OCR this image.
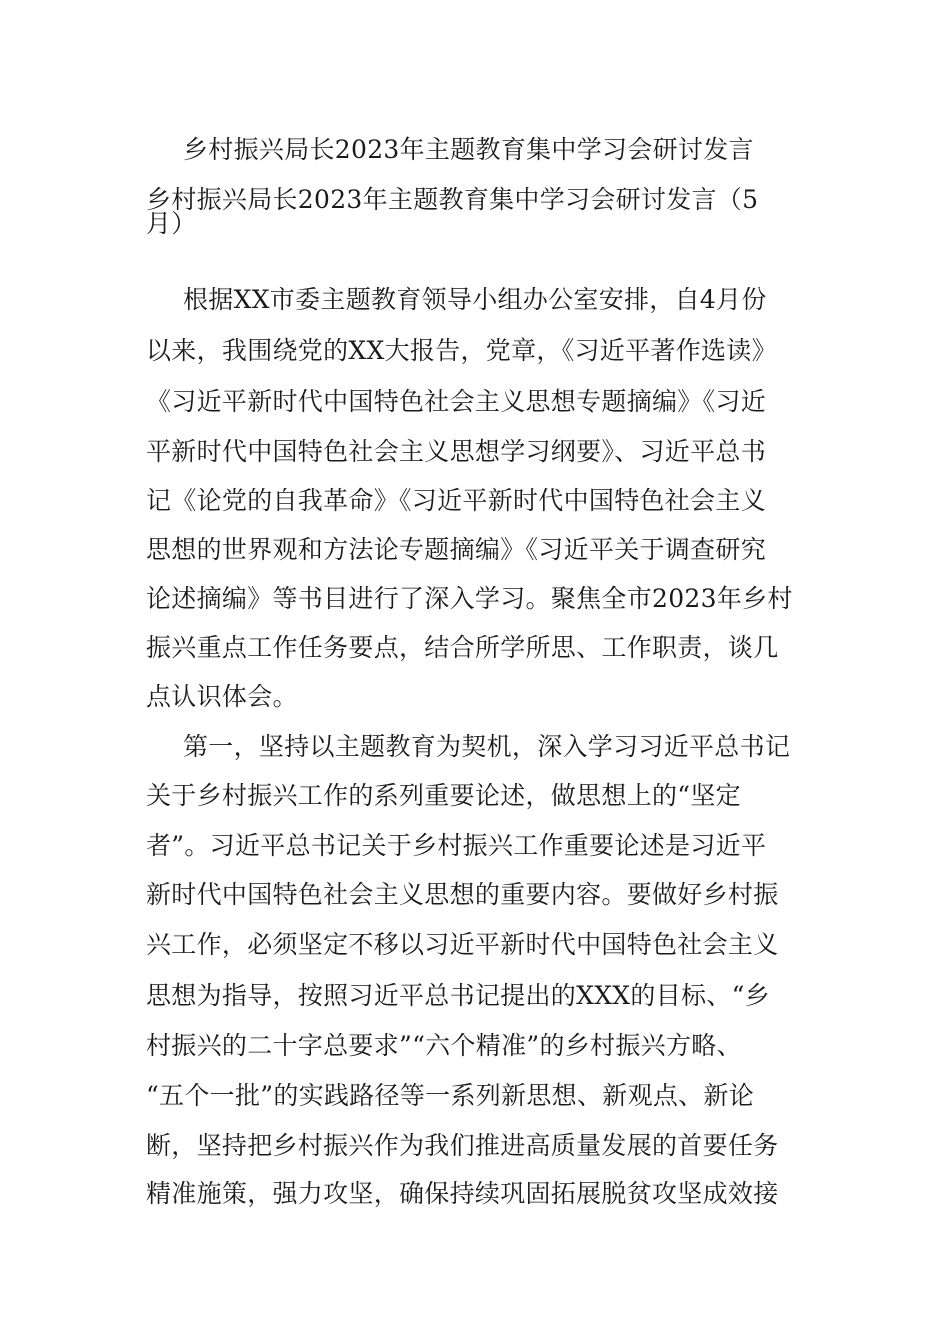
乡村振兴局长2023年主题教育集中学习会研讨发言
乡村振兴局长2023年主题教育集中学习会研讨发言（5
月）
根据XX市委主题教育领导小组办公室安排，自4月份
以来，我围绕党的XX大报告，党章，《习近平著作选读》
《习近平新时代中国特色社会主义思想专题摘编》《习近
平新时代中国特色社会主义思想学习纲要》、习近平总书
记《论党的自我革命》《习近平新时代中国特色社会主义
思想的世界观和方法论专题摘编》《习近平关于调查研究
论述摘编》等书目进行了深入学习。聚焦全市2023年乡村
振兴重点工作任务要点，结合所学所思、工作职责，谈几
点认识体会。
第一，坚持以主题教育为契机，深入学习习近平总书记
关于乡村振兴工作的系列重要论述，做思想上的“坚定
者”。习近平总书记关于乡村振兴工作重要论述是习近平
新时代中国特色社会主义思想的重要内容。要做好乡村振
兴工作，必须坚定不移以习近平新时代中国特色社会主义
思想为指导，按照习近平总书记提出的XXX的目标、“乡
村振兴的二十字总要求”“六个精准”的乡村振兴方略、
“五个一批”的实践路径等一系列新思想、新观点、新论
断，坚持把乡村振兴作为我们推进高质量发展的首要任务
精准施策，强力攻坚，确保持续巩固拓展脱贫攻坚成效接
